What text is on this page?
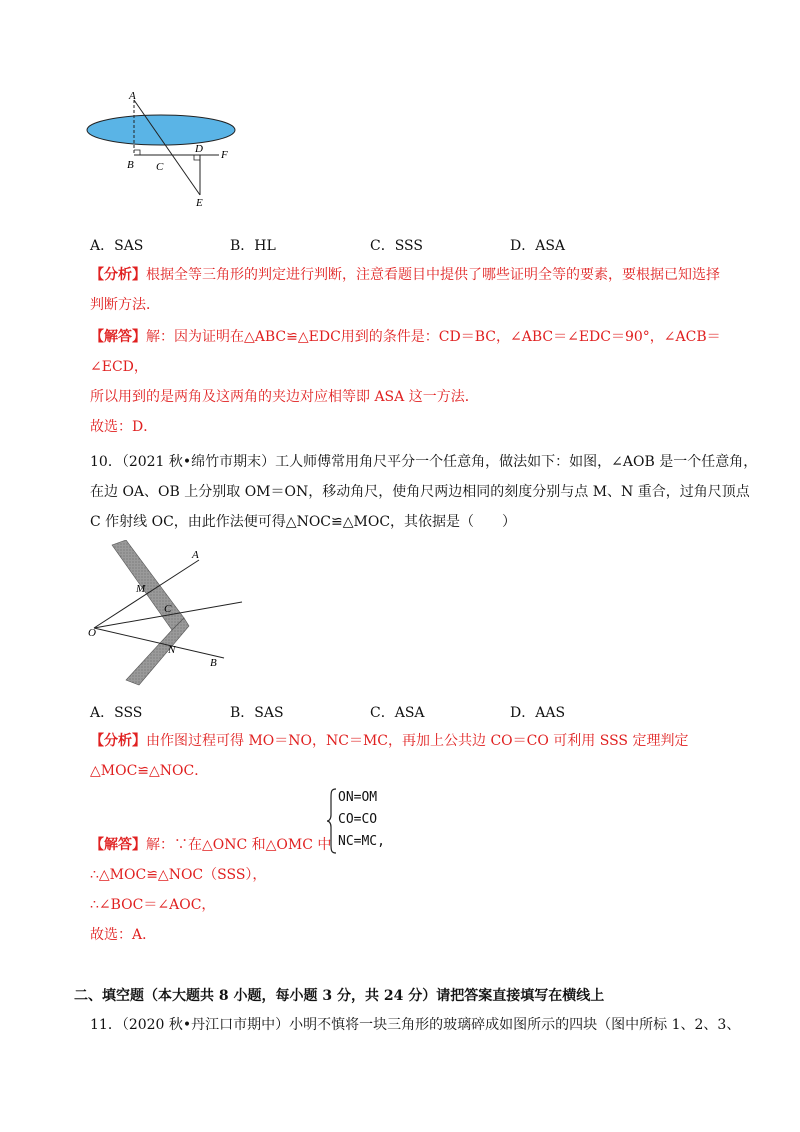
A
B C
D F
E
A．SAS	B．HL	C．SSS	D．ASA
【分析】根据全等三角形的判定进行判断，注意看题目中提供了哪些证明全等的要素，要根据已知选择
判断方法．
【解答】解：因为证明在△ABC≌△EDC用到的条件是：CD＝BC，∠ABC＝∠EDC＝90°，∠ACB＝
∠ECD，
所以用到的是两角及这两角的夹边对应相等即 ASA 这一方法．
故选：D．
10．（2021 秋•绵竹市期末）工人师傅常用角尺平分一个任意角，做法如下：如图，∠AOB 是一个任意角，
在边 OA、OB 上分别取 OM＝ON，移动角尺，使角尺两边相同的刻度分别与点 M、N 重合，过角尺顶点
C 作射线 OC，由此作法便可得△NOC≌△MOC，其依据是（　　）
A
M
C
O
N
B
A．SSS	B．SAS	C．ASA	D．AAS
【分析】由作图过程可得 MO＝NO，NC＝MC，再加上公共边 CO＝CO 可利用 SSS 定理判定
△MOC≌△NOC．
ON=OM
CO=CO
NC=MC,
【解答】解：∵在△ONC 和△OMC 中
∴△MOC≌△NOC（SSS），
∴∠BOC＝∠AOC，
故选：A．
二、填空题（本大题共 8 小题，每小题 3 分，共 24 分）请把答案直接填写在横线上
11．（2020 秋•丹江口市期中）小明不慎将一块三角形的玻璃碎成如图所示的四块（图中所标 1、2、3、
